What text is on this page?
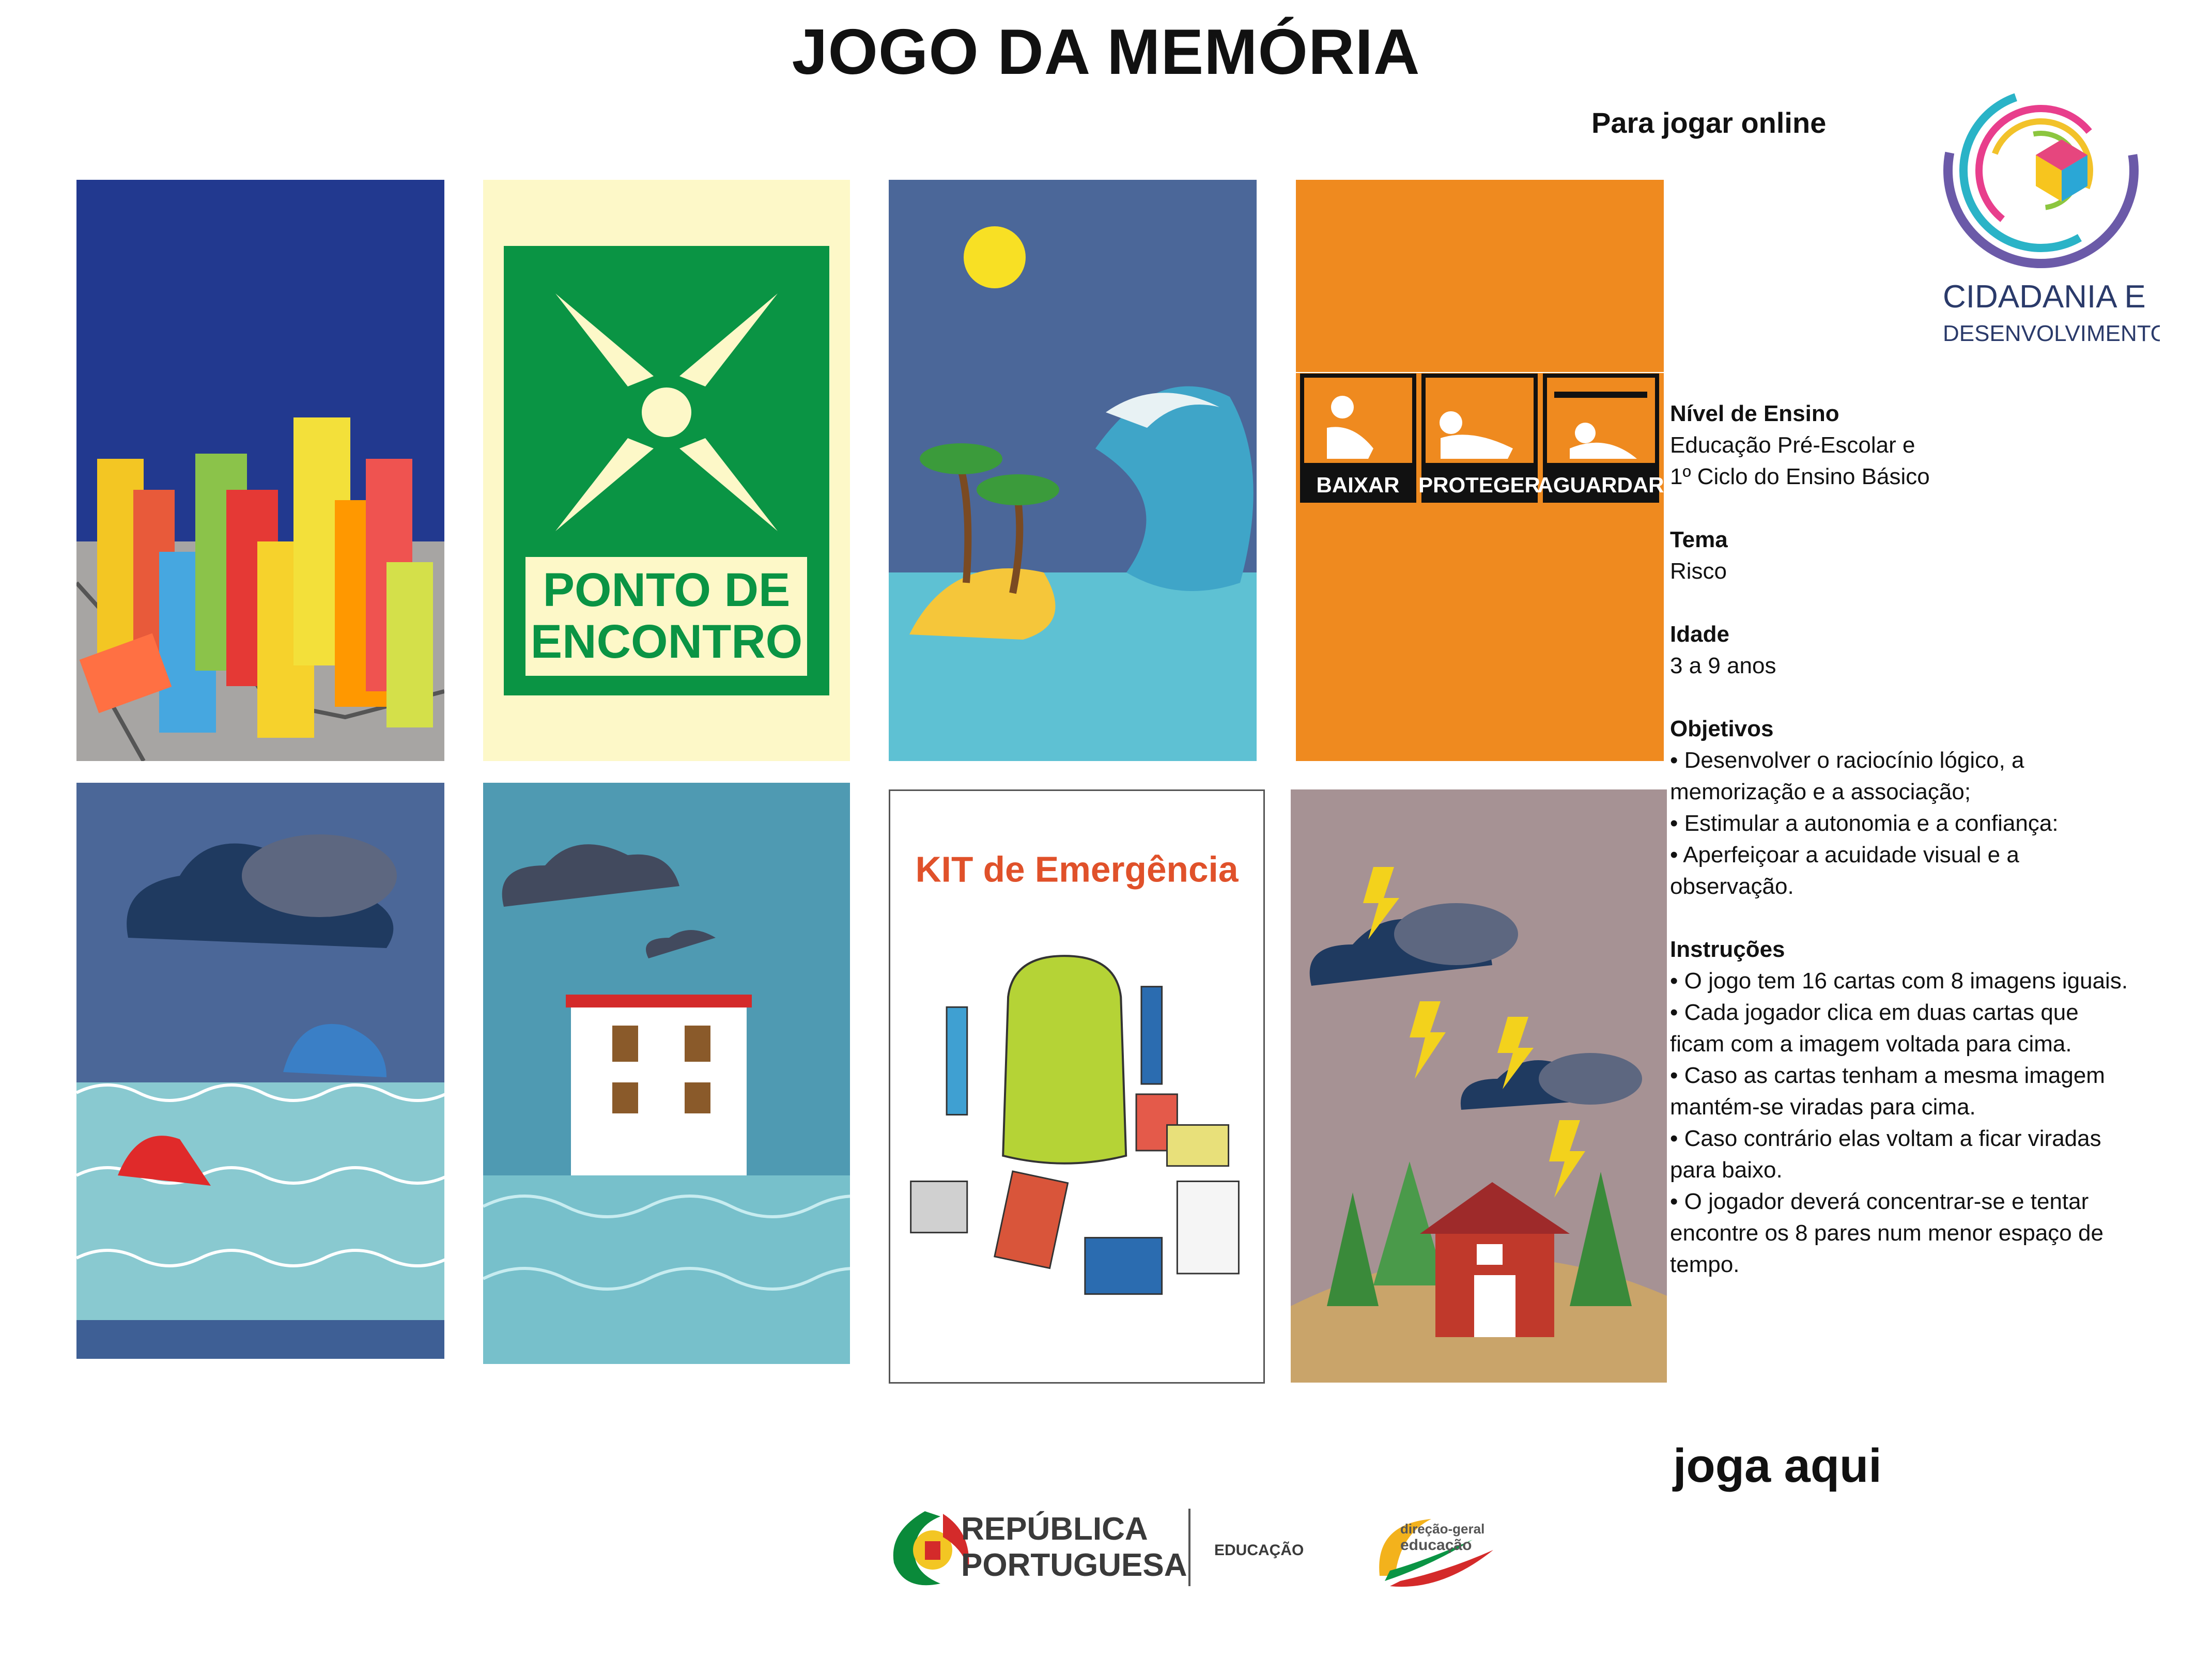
JOGO DA MEMÓRIA
Para jogar online
CIDADANIA E
DESENVOLVIMENTO
PONTO DE
ENCONTRO
BAIXAR PROTEGER
AGUARDAR
KIT de Emergência

Nível de Ensino

Educação Pré-Escolar e

1º Ciclo do Ensino Básico

Tema

Risco

Idade

3 a 9 anos

Objetivos

• Desenvolver o raciocínio lógico, a

memorização e a associação;

• Estimular a autonomia e a confiança:

• Aperfeiçoar a acuidade visual e a

observação.

Instruções

• O jogo tem 16 cartas com 8 imagens iguais.

• Cada jogador clica em duas cartas que

ficam com a imagem voltada para cima.

• Caso as cartas tenham a mesma imagem

mantém-se viradas para cima.

• Caso contrário elas voltam a ficar viradas

para baixo.

• O jogador deverá concentrar-se e tentar

encontre os 8 pares num menor espaço de

tempo.

joga aqui
REPÚBLICA
PORTUGUESA EDUCAÇÃO
direção-geral
educação
